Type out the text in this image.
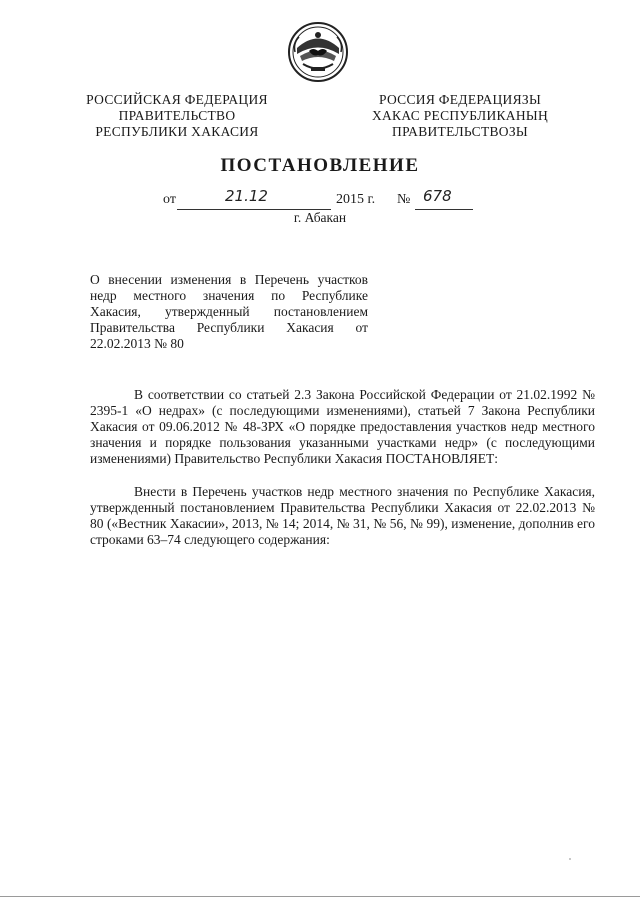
РОССИЙСКАЯ ФЕДЕРАЦИЯ
ПРАВИТЕЛЬСТВО
РЕСПУБЛИКИ ХАКАСИЯ
РОССИЯ ФЕДЕРАЦИЯЗЫ
ХАКАС РЕСПУБЛИКАНЫҢ
ПРАВИТЕЛЬСТВОЗЫ
ПОСТАНОВЛЕНИЕ
от	21.12	2015 г. № 678
г. Абакан
О внесении изменения в Перечень участков недр местного значения по Республике Хакасия, утвержденный постановлением Правительства Республики Хакасия от 22.02.2013 № 80
В соответствии со статьей 2.3 Закона Российской Федерации от 21.02.1992 № 2395-1 «О недрах» (с последующими изменениями), статьей 7 Закона Республики Хакасия от 09.06.2012 № 48-ЗРХ «О порядке предоставления участков недр местного значения и порядке пользования указанными участками недр» (с последующими изменениями) Правительство Республики Хакасия ПОСТАНОВЛЯЕТ:
Внести в Перечень участков недр местного значения по Республике Хакасия, утвержденный постановлением Правительства Республики Хакасия от 22.02.2013 № 80 («Вестник Хакасии», 2013, № 14; 2014, № 31, № 56, № 99), изменение, дополнив его строками 63–74 следующего содержания:
